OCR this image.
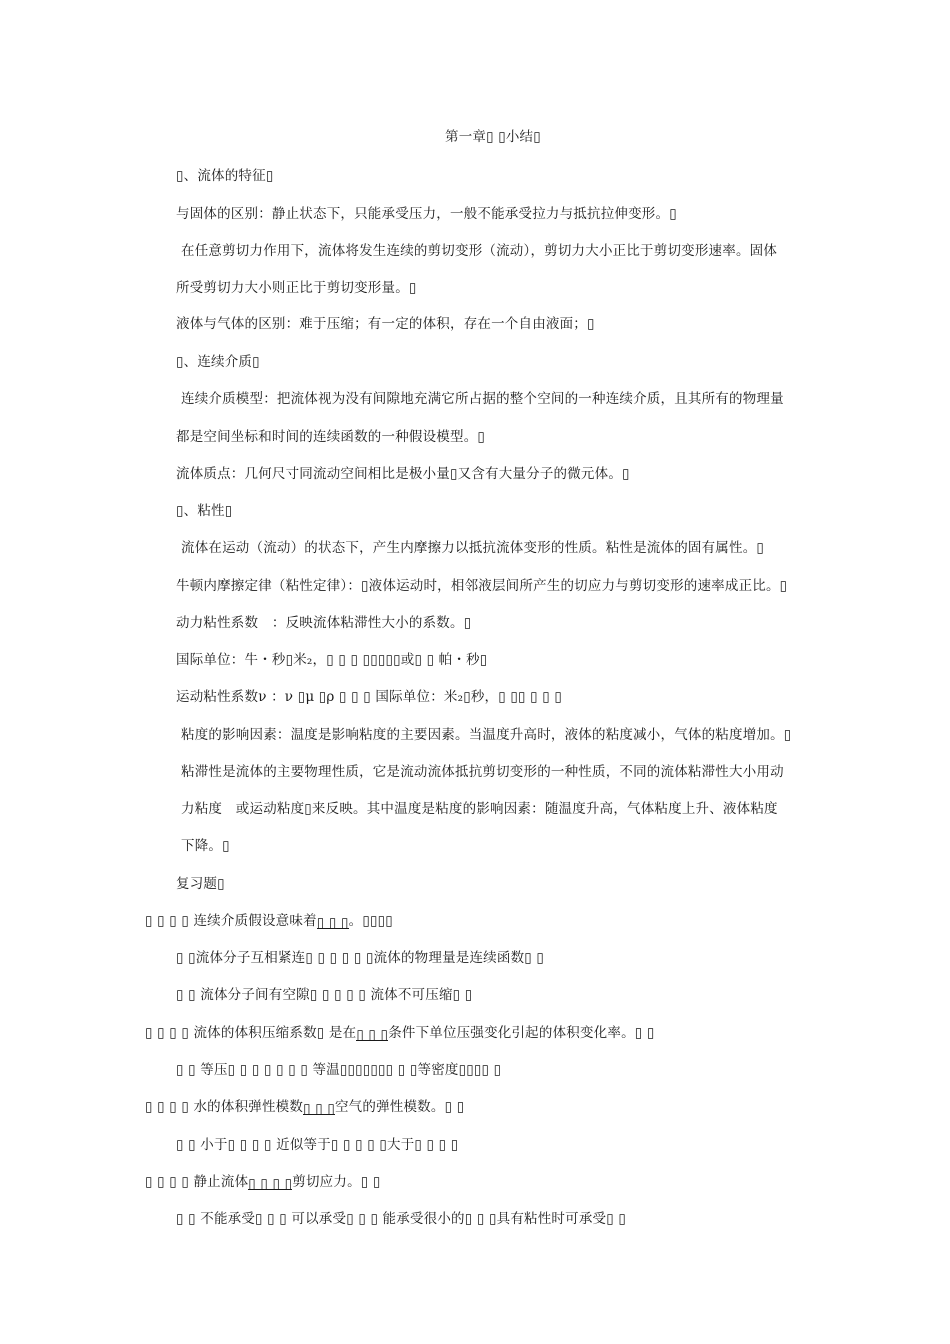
第一章▯ ▯小结▯
▯、流体的特征▯
与固体的区别：静止状态下，只能承受压力，一般不能承受拉力与抵抗拉伸变形。▯
在任意剪切力作用下，流体将发生连续的剪切变形（流动），剪切力大小正比于剪切变形速率。固体
所受剪切力大小则正比于剪切变形量。▯
液体与气体的区别：难于压缩；有一定的体积，存在一个自由液面；▯
▯、连续介质▯
连续介质模型：把流体视为没有间隙地充满它所占据的整个空间的一种连续介质，且其所有的物理量
都是空间坐标和时间的连续函数的一种假设模型。▯
流体质点：几何尺寸同流动空间相比是极小量▯又含有大量分子的微元体。▯
▯、粘性▯
流体在运动（流动）的状态下，产生内摩擦力以抵抗流体变形的性质。粘性是流体的固有属性。▯
牛顿内摩擦定律（粘性定律）：▯液体运动时，相邻液层间所产生的切应力与剪切变形的速率成正比。▯
动力粘性系数 ：反映流体粘滞性大小的系数。▯
国际单位：牛・秒▯米₂，▯ ▯ ▯ ▯▯▯▯▯或▯ ▯ 帕・秒▯
运动粘性系数ν ：ν ▯μ ▯ρ ▯ ▯ ▯ 国际单位：米₂▯秒，▯ ▯▯ ▯ ▯ ▯
粘度的影响因素：温度是影响粘度的主要因素。当温度升高时，液体的粘度减小，气体的粘度增加。▯
粘滞性是流体的主要物理性质，它是流动流体抵抗剪切变形的一种性质，不同的流体粘滞性大小用动
力粘度 或运动粘度▯来反映。其中温度是粘度的影响因素：随温度升高，气体粘度上升、液体粘度
下降。▯
复习题▯
▯ ▯ ▯ ▯ 连续介质假设意味着▯ ▯ ▯。▯▯▯▯
▯ ▯流体分子互相紧连▯ ▯ ▯ ▯ ▯ ▯流体的物理量是连续函数▯ ▯
▯ ▯ 流体分子间有空隙▯ ▯ ▯ ▯ ▯ 流体不可压缩▯ ▯
▯ ▯ ▯ ▯ 流体的体积压缩系数▯ 是在▯ ▯ ▯条件下单位压强变化引起的体积变化率。▯ ▯
▯ ▯ 等压▯ ▯ ▯ ▯ ▯ ▯ ▯ 等温▯▯▯▯▯▯▯ ▯ ▯等密度▯▯▯▯ ▯
▯ ▯ ▯ ▯ 水的体积弹性模数▯ ▯ ▯空气的弹性模数。▯ ▯
▯ ▯ 小于▯ ▯ ▯ ▯ 近似等于▯ ▯ ▯ ▯ ▯大于▯ ▯ ▯ ▯
▯ ▯ ▯ ▯ 静止流体▯ ▯ ▯ ▯剪切应力。▯ ▯
▯ ▯ 不能承受▯ ▯ ▯ 可以承受▯ ▯ ▯ 能承受很小的▯ ▯ ▯具有粘性时可承受▯ ▯
